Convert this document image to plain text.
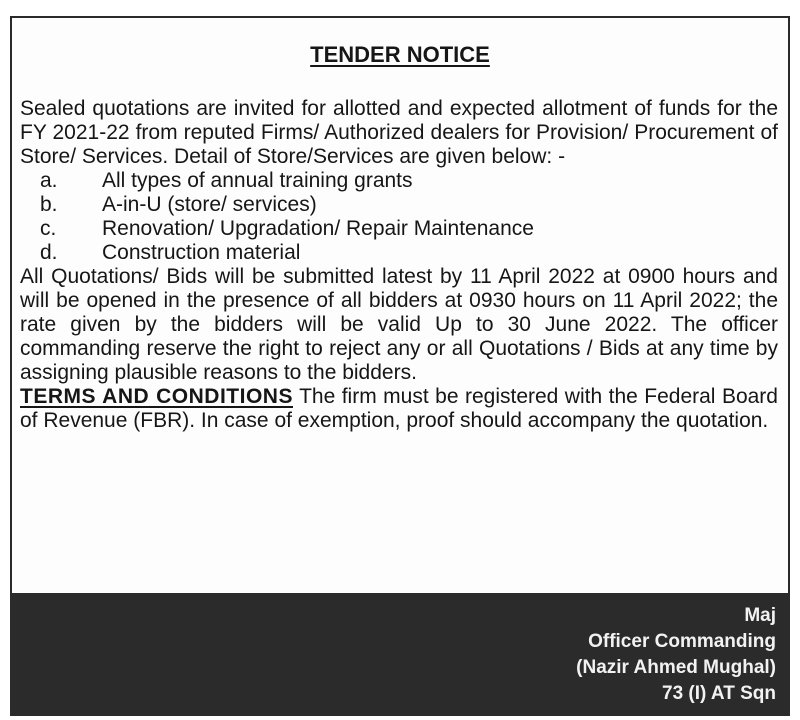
TENDER NOTICE

Sealed quotations are invited for allotted and expected allotment of funds for the FY 2021-22 from reputed Firms/ Authorized dealers for Provision/ Procurement of Store/ Services. Detail of Store/Services are given below: -

a.	All types of annual training grants
b.	A-in-U (store/ services)
c.	Renovation/ Upgradation/ Repair Maintenance
d.	Construction material

All Quotations/ Bids will be submitted latest by 11 April 2022 at 0900 hours and will be opened in the presence of all bidders at 0930 hours on 11 April 2022; the rate given by the bidders will be valid Up to 30 June 2022. The officer commanding reserve the right to reject any or all Quotations / Bids at any time by assigning plausible reasons to the bidders.

TERMS AND CONDITIONS The firm must be registered with the Federal Board of Revenue (FBR). In case of exemption, proof should accompany the quotation.

Maj
Officer Commanding
(Nazir Ahmed Mughal)
73 (I) AT Sqn
